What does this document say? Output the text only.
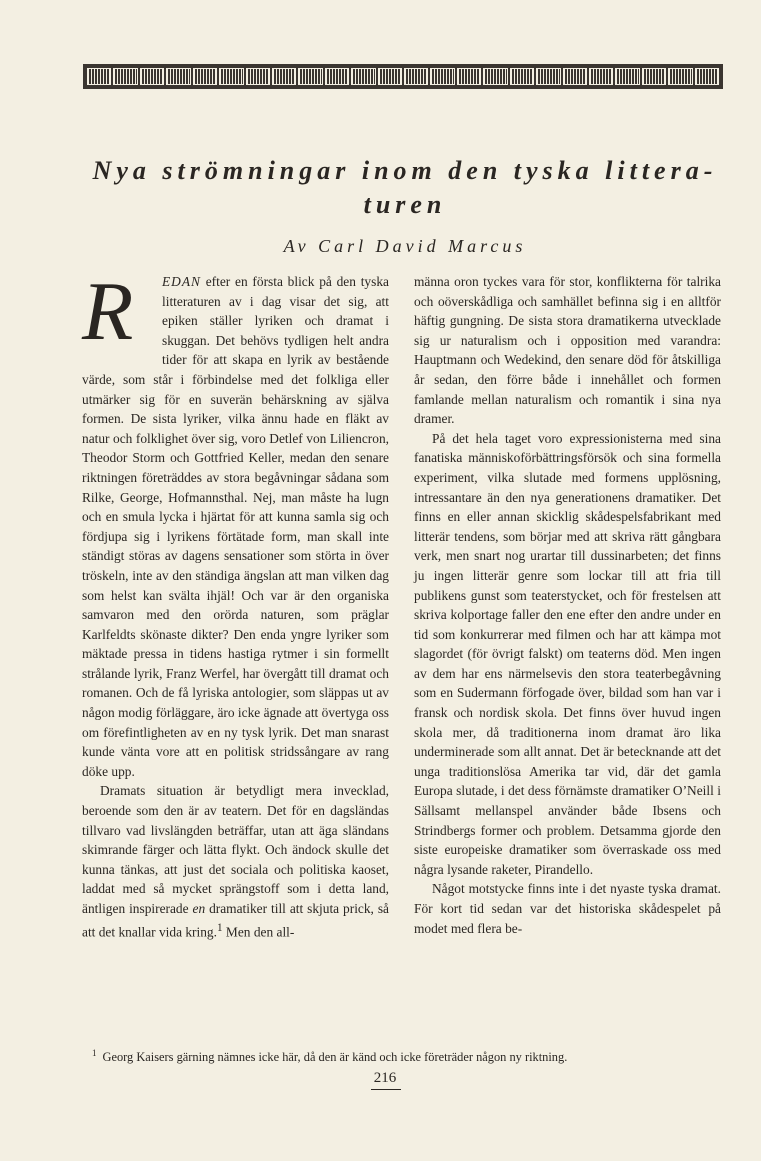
Nya strömningar inom den tyska littera- turen
Av Carl David Marcus

R	EDAN efter en första blick på den tyska litteraturen av i dag visar det sig, att epiken ställer lyriken och dramat i skuggan. Det behövs tydligen helt andra tider för att skapa en lyrik av bestående värde, som står i förbindelse med det folkliga eller utmärker sig för en suverän behärskning av själva formen. De sista lyriker, vilka ännu hade en fläkt av natur och folklighet över sig, voro Detlef von Liliencron, Theodor Storm och Gottfried Keller, medan den senare riktningen företräddes av stora begåvningar sådana som Rilke, George, Hofmannsthal. Nej, man måste ha lugn och en smula lycka i hjärtat för att kunna samla sig och fördjupa sig i lyrikens förtätade form, man skall inte ständigt störas av dagens sensationer som störta in över tröskeln, inte av den ständiga ängslan att man vilken dag som helst kan svälta ihjäl! Och var är den organiska samvaron med den orörda naturen, som präglar Karlfeldts skönaste dikter? Den enda yngre lyriker som mäktade pressa in tidens hastiga rytmer i sin formellt strålande lyrik, Franz Werfel, har övergått till dramat och romanen. Och de få lyriska antologier, som släppas ut av någon modig förläggare, äro icke ägnade att övertyga oss om förefintligheten av en ny tysk lyrik. Det man snarast kunde vänta vore att en politisk stridssångare av rang döke upp.

Dramats situation är betydligt mera invecklad, beroende som den är av teatern. Det för en dagsländas tillvaro vad livslängden beträffar, utan att äga sländans skimrande färger och lätta flykt. Och ändock skulle det kunna tänkas, att just det sociala och politiska kaoset, laddat med så mycket sprängstoff som i detta land, äntligen inspirerade en dramatiker till att skjuta prick, så att det knallar vida kring.$^1$ Men den all-

männa oron tyckes vara för stor, konflikterna för talrika och oöverskådliga och samhället befinna sig i en alltför häftig gungning. De sista stora dramatikerna utvecklade sig ur naturalism och i opposition med varandra: Hauptmann och Wedekind, den senare död för åtskilliga år sedan, den förre både i innehållet och formen famlande mellan naturalism och romantik i sina nya dramer.

På det hela taget voro expressionisterna med sina fanatiska människoförbättringsförsök och sina formella experiment, vilka slutade med formens upplösning, intressantare än den nya generationens dramatiker. Det finns en eller annan skicklig skådespelsfabrikant med litterär tendens, som börjar med att skriva rätt gångbara verk, men snart nog urartar till dussinarbeten; det finns ju ingen litterär genre som lockar till att fria till publikens gunst som teaterstycket, och för frestelsen att skriva kolportage faller den ene efter den andre under en tid som konkurrerar med filmen och har att kämpa mot slagordet (för övrigt falskt) om teaterns död. Men ingen av dem har ens närmelsevis den stora teaterbegåvning som en Sudermann förfogade över, bildad som han var i fransk och nordisk skola. Det finns över huvud ingen skola mer, då traditionerna inom dramat äro lika underminerade som allt annat. Det är betecknande att det unga traditionslösa Amerika tar vid, där det gamla Europa slutade, i det dess förnämste dramatiker O’Neill i Sällsamt mellanspel använder både Ibsens och Strindbergs former och problem. Detsamma gjorde den siste europeiske dramatiker som överraskade oss med några lysande raketer, Pirandello.

Något motstycke finns inte i det nyaste tyska dramat. För kort tid sedan var det historiska skådespelet på modet med flera be-

$^1$ Georg Kaisers gärning nämnes icke här, då den är känd och icke företräder någon ny riktning.
216
